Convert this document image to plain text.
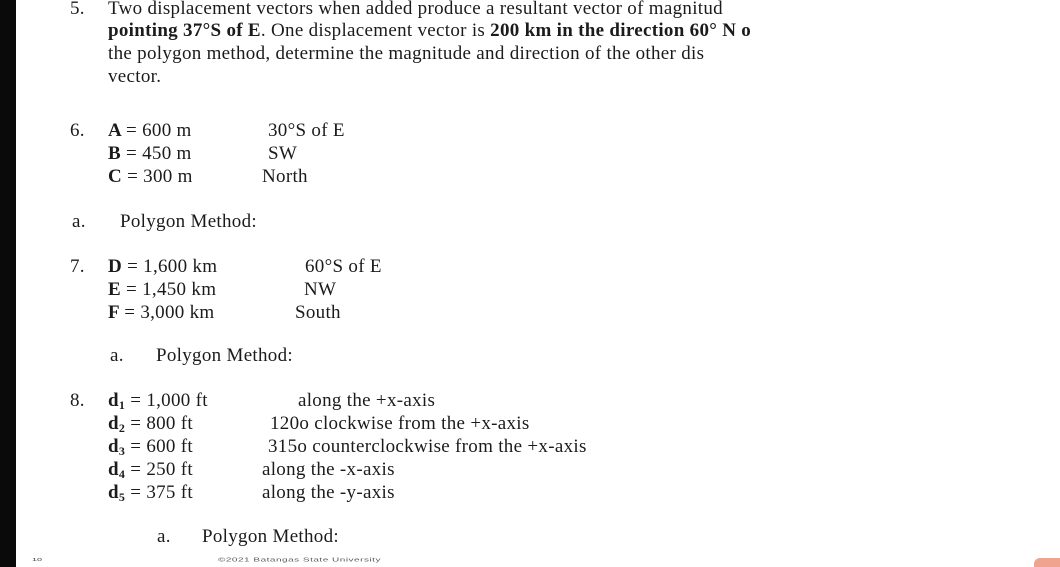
5. Two displacement vectors when added produce a resultant vector of magnitud
pointing 37°S of E. One displacement vector is 200 km in the direction 60° N o
the polygon method, determine the magnitude and direction of the other dis
vector.
6. A = 600 m	30°S of E
B = 450 m	SW
C = 300 m	North
a. Polygon Method:
7. D = 1,600 km	60°S of E
E = 1,450 km	NW
F = 3,000 km	South
a. Polygon Method:
8. $d_1 = 1,000$ ft	along the +x-axis
$d_2 = 800$ ft	120o clockwise from the +x-axis
$d_3 = 600$ ft	315o counterclockwise from the +x-axis
$d_4 = 250$ ft	along the -x-axis
$d_5 = 375$ ft	along the -y-axis
a. Polygon Method:
10	©2021 Batangas State University
